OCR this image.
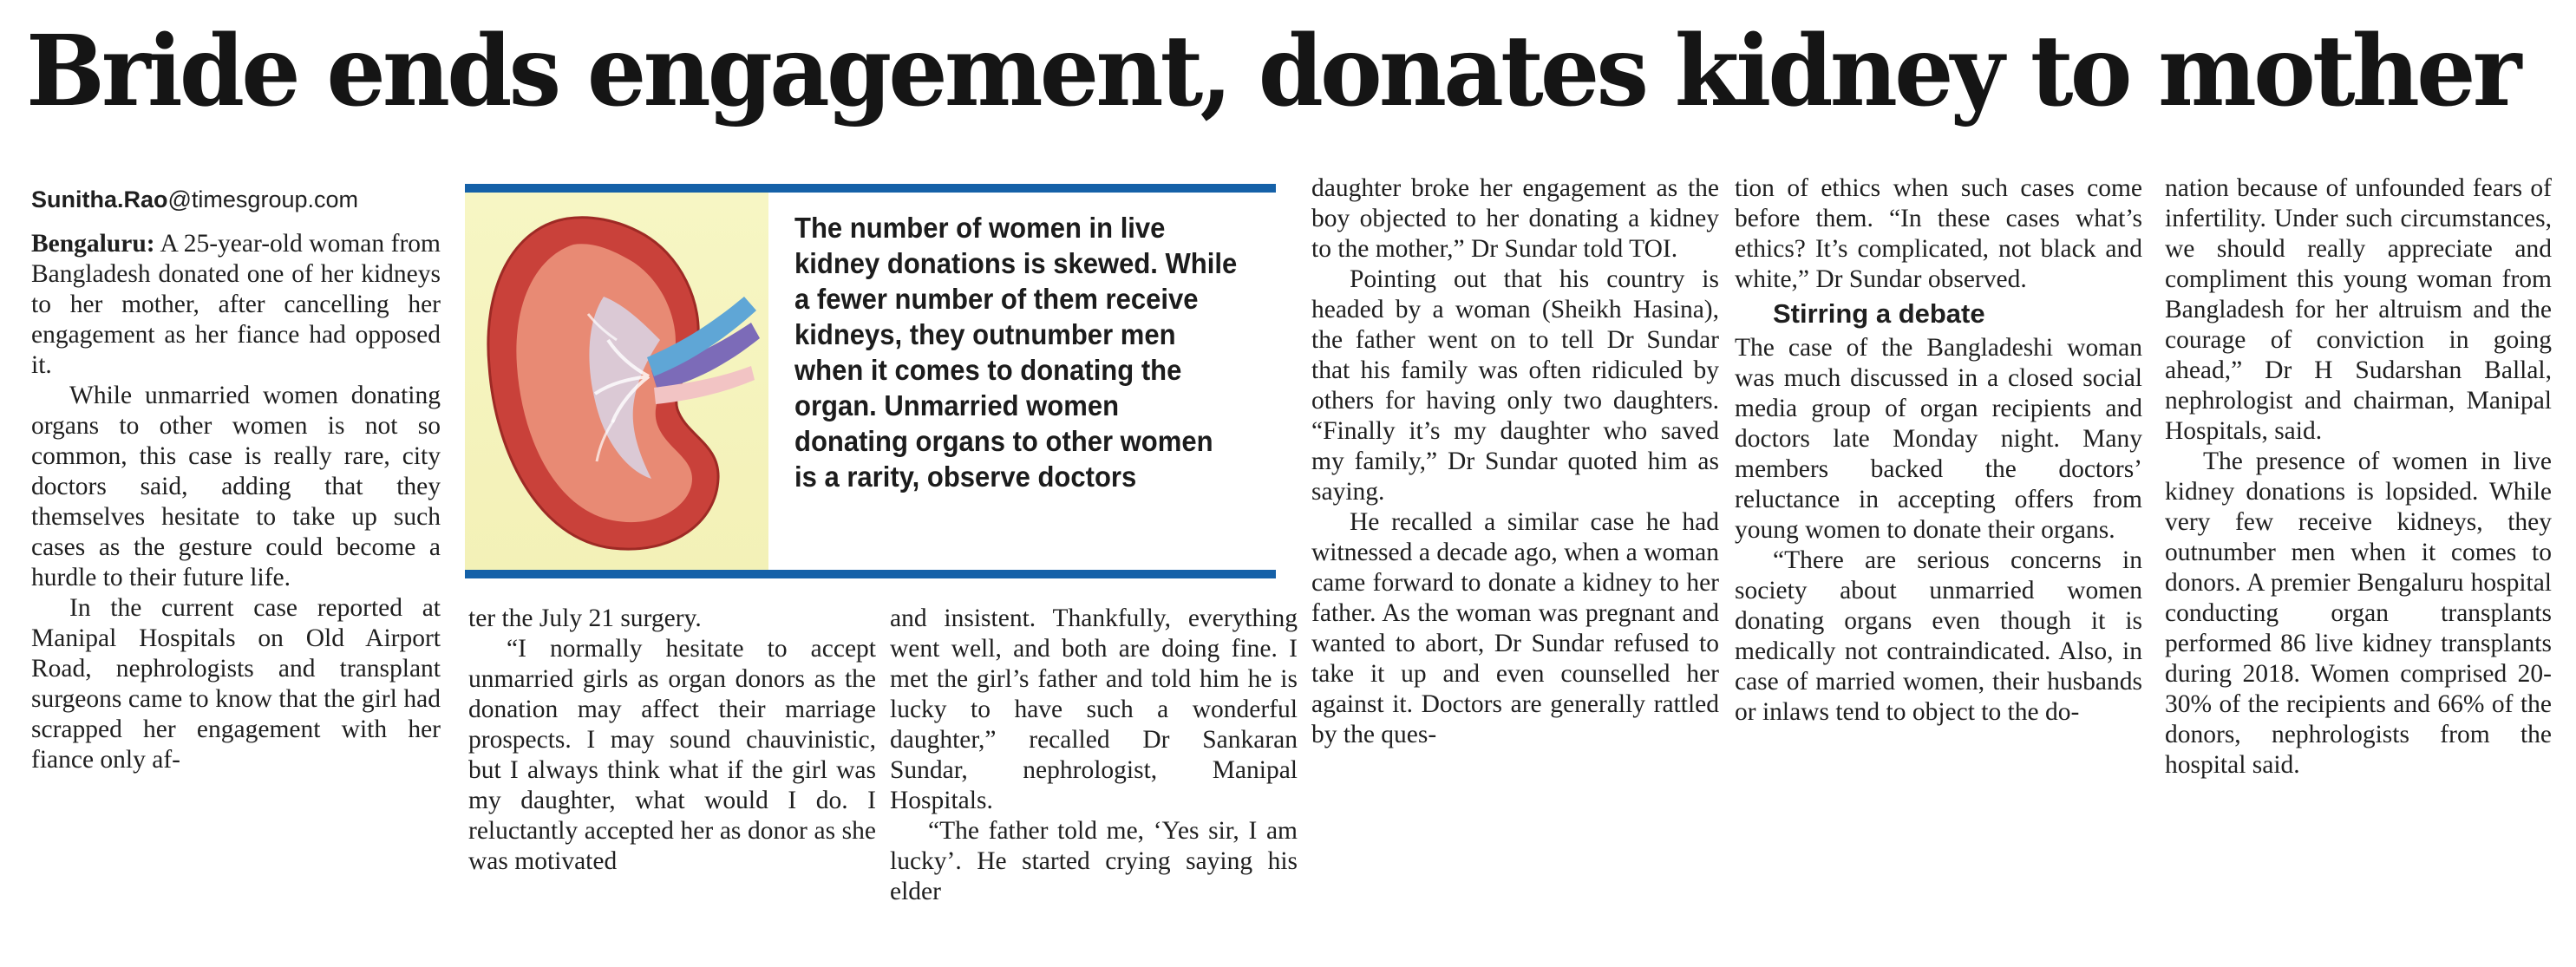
Bride ends engagement, donates kidney to mother
Sunitha.Rao@timesgroup.com

Bengaluru: A 25-year-old woman from Bangladesh donated one of her kidneys to her mother, after cancelling her engagement as her fiance had opposed it.

While unmarried women donating organs to other women is not so common, this case is really rare, city doctors said, adding that they themselves hesitate to take up such cases as the gesture could become a hurdle to their future life.

In the current case reported at Manipal Hospitals on Old Airport Road, nephrologists and transplant surgeons came to know that the girl had scrapped her engagement with her fiance only af-

The number of women in live kidney donations is skewed. While a fewer number of them receive kidneys, they outnumber men when it comes to donating the organ. Unmarried women donating organs to other women is a rarity, observe doctors

ter the July 21 surgery.

“I normally hesitate to accept unmarried girls as organ donors as the donation may affect their marriage prospects. I may sound chauvinistic, but I always think what if the girl was my daughter, what would I do. I reluctantly accepted her as donor as she was motivated

and insistent. Thankfully, everything went well, and both are doing fine. I met the girl’s father and told him he is lucky to have such a wonderful daughter,” recalled Dr Sankaran Sundar, nephrologist, Manipal Hospitals.

“The father told me, ‘Yes sir, I am lucky’. He started crying saying his elder

daughter broke her engagement as the boy objected to her donating a kidney to the mother,” Dr Sundar told TOI.

Pointing out that his country is headed by a woman (Sheikh Hasina), the father went on to tell Dr Sundar that his family was often ridiculed by others for having only two daughters. “Finally it’s my daughter who saved my family,” Dr Sundar quoted him as saying.

He recalled a similar case he had witnessed a decade ago, when a woman came forward to donate a kidney to her father. As the woman was pregnant and wanted to abort, Dr Sundar refused to take it up and even counselled her against it. Doctors are generally rattled by the ques-

tion of ethics when such cases come before them. “In these cases what’s ethics? It’s complicated, not black and white,” Dr Sundar observed.

Stirring a debate

The case of the Bangladeshi woman was much discussed in a closed social media group of organ recipients and doctors late Monday night. Many members backed the doctors’ reluctance in accepting offers from young women to donate their organs.

“There are serious concerns in society about unmarried women donating organs even though it is medically not contraindicated. Also, in case of married women, their husbands or inlaws tend to object to the do-

nation because of unfounded fears of infertility. Under such circumstances, we should really appreciate and compliment this young woman from Bangladesh for her altruism and the courage of conviction in going ahead,” Dr H Sudarshan Ballal, nephrologist and chairman, Manipal Hospitals, said.

The presence of women in live kidney donations is lopsided. While very few receive kidneys, they outnumber men when it comes to donors. A premier Bengaluru hospital conducting organ transplants performed 86 live kidney transplants during 2018. Women comprised 20-30% of the recipients and 66% of the donors, nephrologists from the hospital said.
